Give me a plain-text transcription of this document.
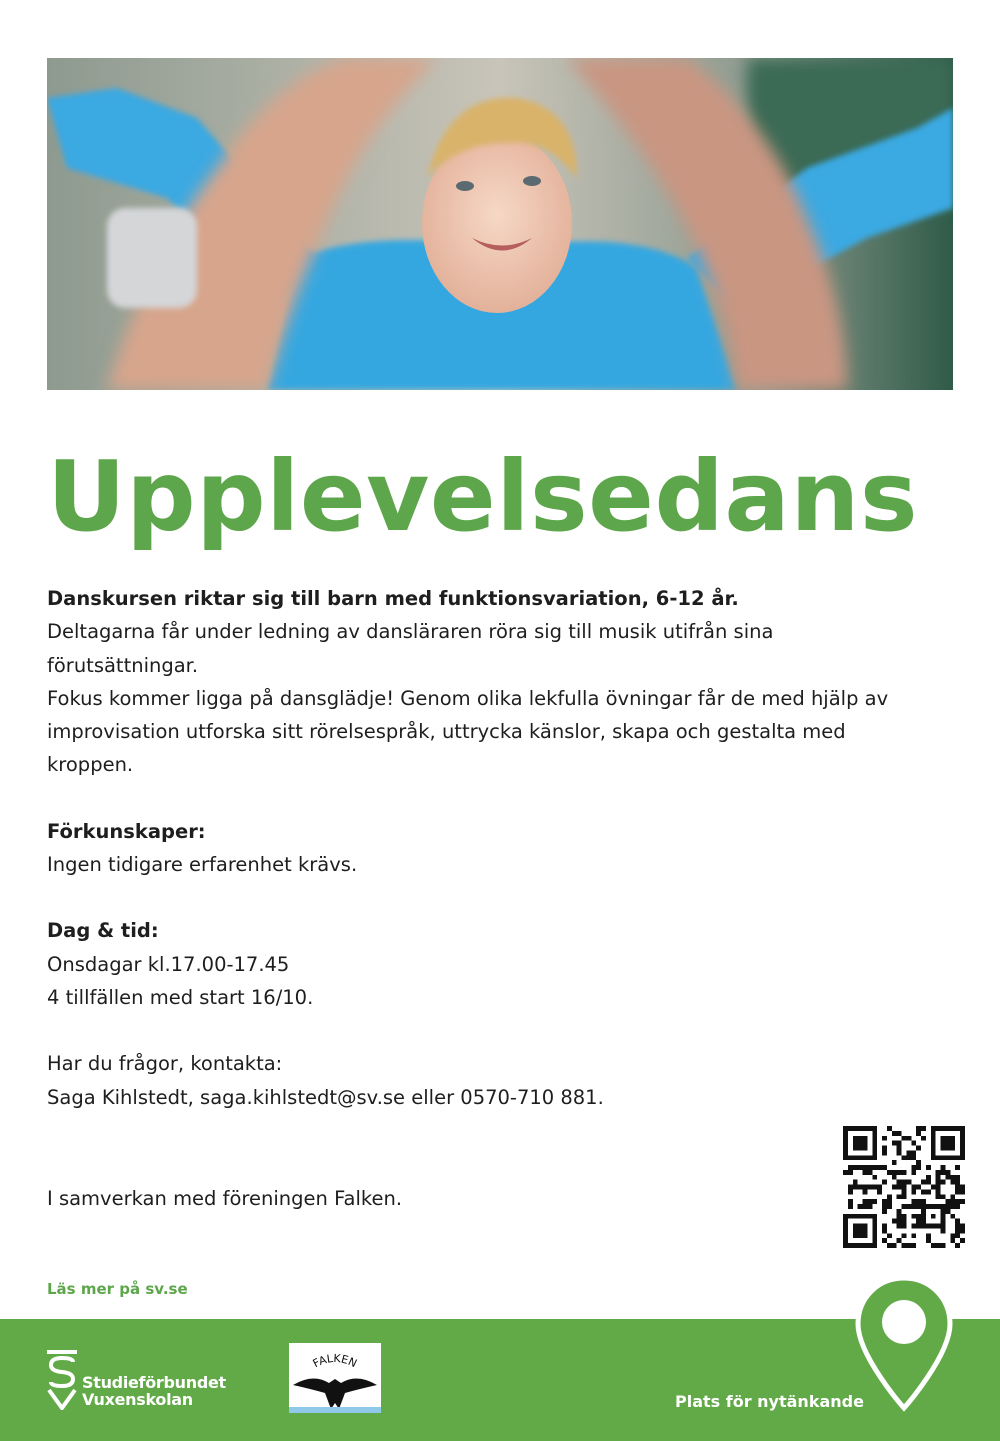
Upplevelsedans
Danskursen riktar sig till barn med funktionsvariation, 6-12 år.
Deltagarna får under ledning av dansläraren röra sig till musik utifrån sina
förutsättningar.
Fokus kommer ligga på dansglädje! Genom olika lekfulla övningar får de med hjälp av
improvisation utforska sitt rörelsespråk, uttrycka känslor, skapa och gestalta med
kroppen.
Förkunskaper:
Ingen tidigare erfarenhet krävs.
Dag & tid:
Onsdagar kl.17.00-17.45
4 tillfällen med start 16/10.
Har du frågor, kontakta:
Saga Kihlstedt, saga.kihlstedt@sv.se eller 0570-710 881.
I samverkan med föreningen Falken.
Läs mer på sv.se
Studieförbundet
Vuxenskolan
FALKEN
Plats för nytänkande
